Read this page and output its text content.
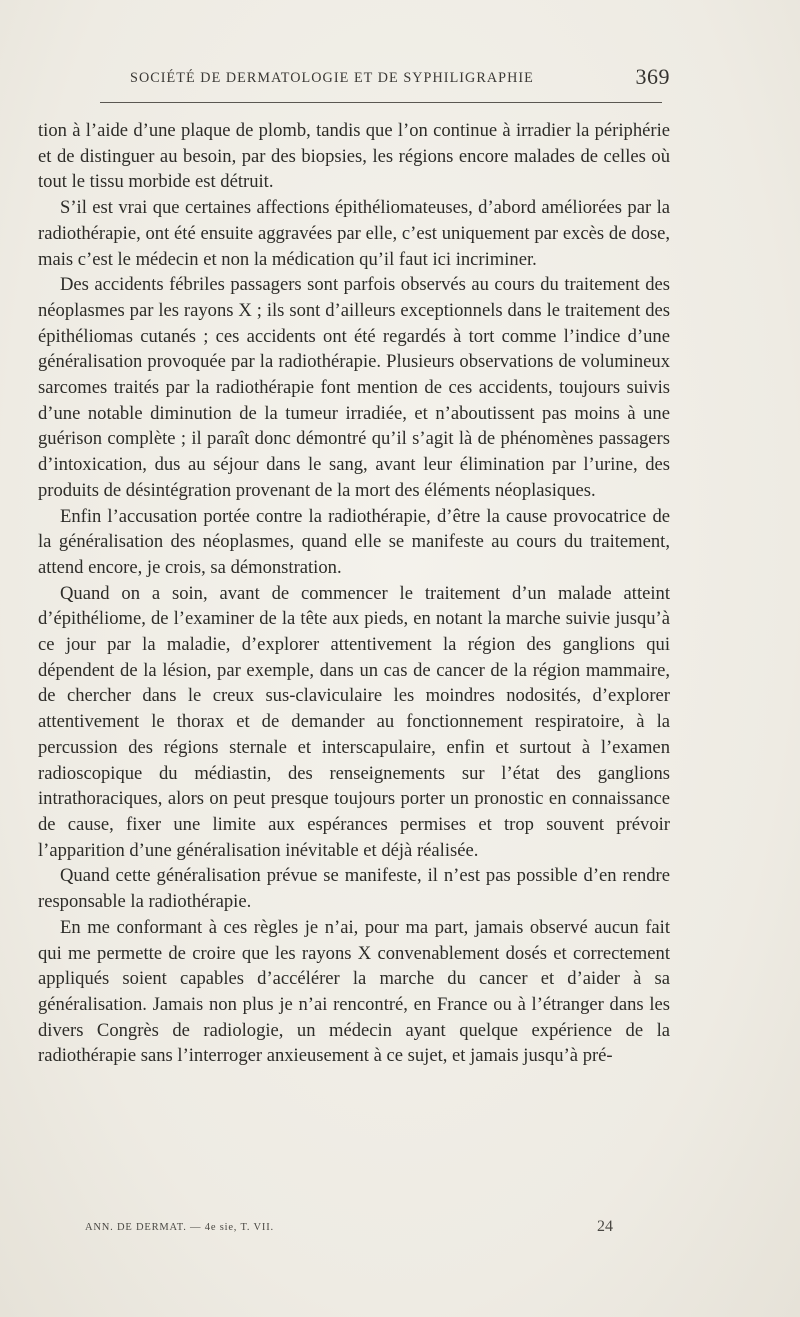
SOCIÉTÉ DE DERMATOLOGIE ET DE SYPHILIGRAPHIE	369

tion à l’aide d’une plaque de plomb, tandis que l’on continue à irradier la périphérie et de distinguer au besoin, par des biopsies, les régions encore malades de celles où tout le tissu morbide est détruit.

S’il est vrai que certaines affections épithéliomateuses, d’abord améliorées par la radiothérapie, ont été ensuite aggravées par elle, c’est uniquement par excès de dose, mais c’est le médecin et non la médication qu’il faut ici incriminer.

Des accidents fébriles passagers sont parfois observés au cours du traitement des néoplasmes par les rayons X ; ils sont d’ailleurs exceptionnels dans le traitement des épithéliomas cutanés ; ces accidents ont été regardés à tort comme l’indice d’une généralisation provoquée par la radiothérapie. Plusieurs observations de volumineux sarcomes traités par la radiothérapie font mention de ces accidents, toujours suivis d’une notable diminution de la tumeur irradiée, et n’aboutissent pas moins à une guérison complète ; il paraît donc démontré qu’il s’agit là de phénomènes passagers d’intoxication, dus au séjour dans le sang, avant leur élimination par l’urine, des produits de désintégration provenant de la mort des éléments néoplasiques.

Enfin l’accusation portée contre la radiothérapie, d’être la cause provocatrice de la généralisation des néoplasmes, quand elle se manifeste au cours du traitement, attend encore, je crois, sa démonstration.

Quand on a soin, avant de commencer le traitement d’un malade atteint d’épithéliome, de l’examiner de la tête aux pieds, en notant la marche suivie jusqu’à ce jour par la maladie, d’explorer attentivement la région des ganglions qui dépendent de la lésion, par exemple, dans un cas de cancer de la région mammaire, de chercher dans le creux sus-claviculaire les moindres nodosités, d’explorer attentivement le thorax et de demander au fonctionnement respiratoire, à la percussion des régions sternale et interscapulaire, enfin et surtout à l’examen radioscopique du médiastin, des renseignements sur l’état des ganglions intrathoraciques, alors on peut presque toujours porter un pronostic en connaissance de cause, fixer une limite aux espérances permises et trop souvent prévoir l’apparition d’une généralisation inévitable et déjà réalisée.

Quand cette généralisation prévue se manifeste, il n’est pas possible d’en rendre responsable la radiothérapie.

En me conformant à ces règles je n’ai, pour ma part, jamais observé aucun fait qui me permette de croire que les rayons X convenablement dosés et correctement appliqués soient capables d’accélérer la marche du cancer et d’aider à sa généralisation. Jamais non plus je n’ai rencontré, en France ou à l’étranger dans les divers Congrès de radiologie, un médecin ayant quelque expérience de la radiothérapie sans l’interroger anxieusement à ce sujet, et jamais jusqu’à pré-

ANN. DE DERMAT. — 4e sie, T. VII.	24
